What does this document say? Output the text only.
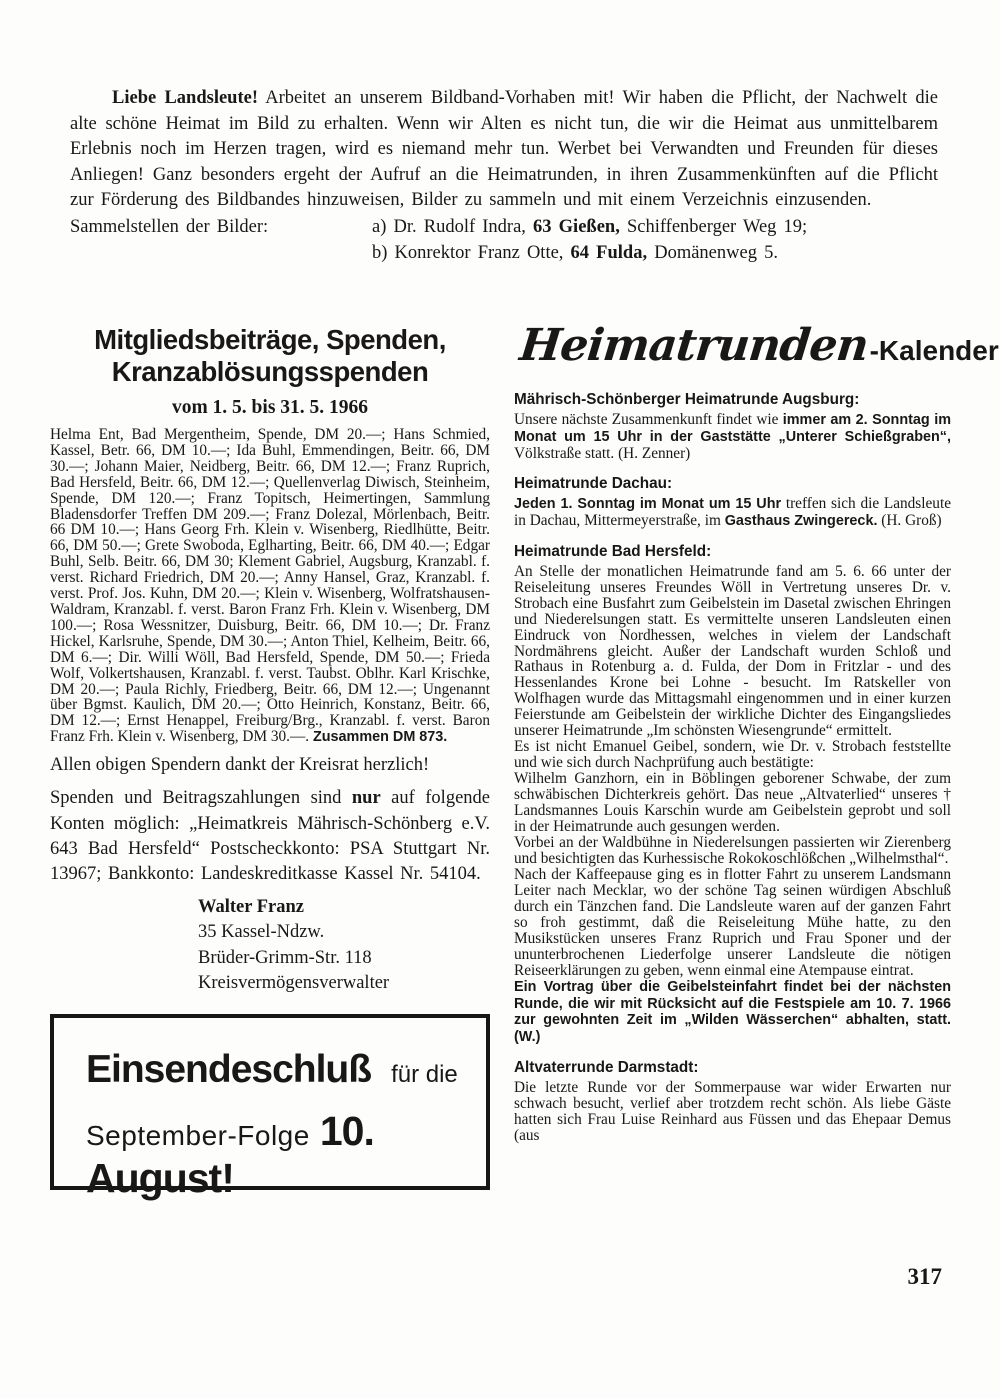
Liebe Landsleute! Arbeitet an unserem Bildband-Vorhaben mit! Wir haben die Pflicht, der Nachwelt die alte schöne Heimat im Bild zu erhalten. Wenn wir Alten es nicht tun, die wir die Heimat aus unmittelbarem Erlebnis noch im Herzen tragen, wird es niemand mehr tun. Werbet bei Verwandten und Freunden für dieses Anliegen! Ganz besonders ergeht der Aufruf an die Heimatrunden, in ihren Zusammenkünften auf die Pflicht zur Förderung des Bildbandes hinzuweisen, Bilder zu sammeln und mit einem Verzeichnis einzusenden.

Sammelstellen der Bilder:	a) Dr. Rudolf Indra, 63 Gießen, Schiffenberger Weg 19;
b) Konrektor Franz Otte, 64 Fulda, Domänenweg 5.
Mitgliedsbeiträge, Spenden,
Kranzablösungsspenden
vom 1. 5. bis 31. 5. 1966

Helma Ent, Bad Mergentheim, Spende, DM 20.—; Hans Schmied, Kassel, Betr. 66, DM 10.—; Ida Buhl, Emmendingen, Beitr. 66, DM 30.—; Johann Maier, Neidberg, Beitr. 66, DM 12.—; Franz Ruprich, Bad Hersfeld, Beitr. 66, DM 12.—; Quellenverlag Diwisch, Steinheim, Spende, DM 120.—; Franz Topitsch, Heimertingen, Sammlung Bladensdorfer Treffen DM 209.—; Franz Dolezal, Mörlenbach, Beitr. 66 DM 10.—; Hans Georg Frh. Klein v. Wisenberg, Riedlhütte, Beitr. 66, DM 50.—; Grete Swoboda, Eglharting, Beitr. 66, DM 40.—; Edgar Buhl, Selb. Beitr. 66, DM 30; Klement Gabriel, Augsburg, Kranzabl. f. verst. Richard Friedrich, DM 20.—; Anny Hansel, Graz, Kranzabl. f. verst. Prof. Jos. Kuhn, DM 20.—; Klein v. Wisenberg, Wolfratshausen-Waldram, Kranzabl. f. verst. Baron Franz Frh. Klein v. Wisenberg, DM 100.—; Rosa Wessnitzer, Duisburg, Beitr. 66, DM 10.—; Dr. Franz Hickel, Karlsruhe, Spende, DM 30.—; Anton Thiel, Kelheim, Beitr. 66, DM 6.—; Dir. Willi Wöll, Bad Hersfeld, Spende, DM 50.—; Frieda Wolf, Volkertshausen, Kranzabl. f. verst. Taubst. Oblhr. Karl Krischke, DM 20.—; Paula Richly, Friedberg, Beitr. 66, DM 12.—; Ungenannt über Bgmst. Kaulich, DM 20.—; Otto Heinrich, Konstanz, Beitr. 66, DM 12.—; Ernst Henappel, Freiburg/Brg., Kranzabl. f. verst. Baron Franz Frh. Klein v. Wisenberg, DM 30.—. Zusammen DM 873.

Allen obigen Spendern dankt der Kreisrat herzlich!

Spenden und Beitragszahlungen sind nur auf folgende Konten möglich: „Heimatkreis Mährisch-Schönberg e.V. 643 Bad Hersfeld“ Postscheckkonto: PSA Stuttgart Nr. 13967; Bankkonto: Landeskreditkasse Kassel Nr. 54104.

Walter Franz
35 Kassel-Ndzw.
Brüder-Grimm-Str. 118
Kreisvermögensverwalter
Einsendeschluß für die
September-Folge 10. August!
Heimatrunden-Kalender
Mährisch-Schönberger Heimatrunde Augsburg:

Unsere nächste Zusammenkunft findet wie immer am 2. Sonntag im Monat um 15 Uhr in der Gaststätte „Unterer Schießgraben“, Völkstraße statt. (H. Zenner)

Heimatrunde Dachau:

Jeden 1. Sonntag im Monat um 15 Uhr treffen sich die Landsleute in Dachau, Mittermeyerstraße, im Gasthaus Zwingereck. (H. Groß)

Heimatrunde Bad Hersfeld:

An Stelle der monatlichen Heimatrunde fand am 5. 6. 66 unter der Reiseleitung unseres Freundes Wöll in Vertretung unseres Dr. v. Strobach eine Busfahrt zum Geibelstein im Dasetal zwischen Ehringen und Niederelsungen statt. Es vermittelte unseren Landsleuten einen Eindruck von Nordhessen, welches in vielem der Landschaft Nordmährens gleicht. Außer der Landschaft wurden Schloß und Rathaus in Rotenburg a. d. Fulda, der Dom in Fritzlar - und des Hessenlandes Krone bei Lohne - besucht. Im Ratskeller von Wolfhagen wurde das Mittagsmahl eingenommen und in einer kurzen Feierstunde am Geibelstein der wirkliche Dichter des Eingangsliedes unserer Heimatrunde „Im schönsten Wiesengrunde“ ermittelt.

Es ist nicht Emanuel Geibel, sondern, wie Dr. v. Strobach feststellte und wie sich durch Nachprüfung auch bestätigte:

Wilhelm Ganzhorn, ein in Böblingen geborener Schwabe, der zum schwäbischen Dichterkreis gehört. Das neue „Altvaterlied“ unseres † Landsmannes Louis Karschin wurde am Geibelstein geprobt und soll in der Heimatrunde auch gesungen werden.

Vorbei an der Waldbühne in Niederelsungen passierten wir Zierenberg und besichtigten das Kurhessische Rokokoschlößchen „Wilhelmsthal“.

Nach der Kaffeepause ging es in flotter Fahrt zu unserem Landsmann Leiter nach Mecklar, wo der schöne Tag seinen würdigen Abschluß durch ein Tänzchen fand. Die Landsleute waren auf der ganzen Fahrt so froh gestimmt, daß die Reiseleitung Mühe hatte, zu den Musikstücken unseres Franz Ruprich und Frau Sponer und der ununterbrochenen Liederfolge unserer Landsleute die nötigen Reiseerklärungen zu geben, wenn einmal eine Atempause eintrat.

Ein Vortrag über die Geibelsteinfahrt findet bei der nächsten Runde, die wir mit Rücksicht auf die Festspiele am 10. 7. 1966 zur gewohnten Zeit im „Wilden Wässerchen“ abhalten, statt. (W.)

Altvaterrunde Darmstadt:

Die letzte Runde vor der Sommerpause war wider Erwarten nur schwach besucht, verlief aber trotzdem recht schön. Als liebe Gäste hatten sich Frau Luise Reinhard aus Füssen und das Ehepaar Demus (aus

317
